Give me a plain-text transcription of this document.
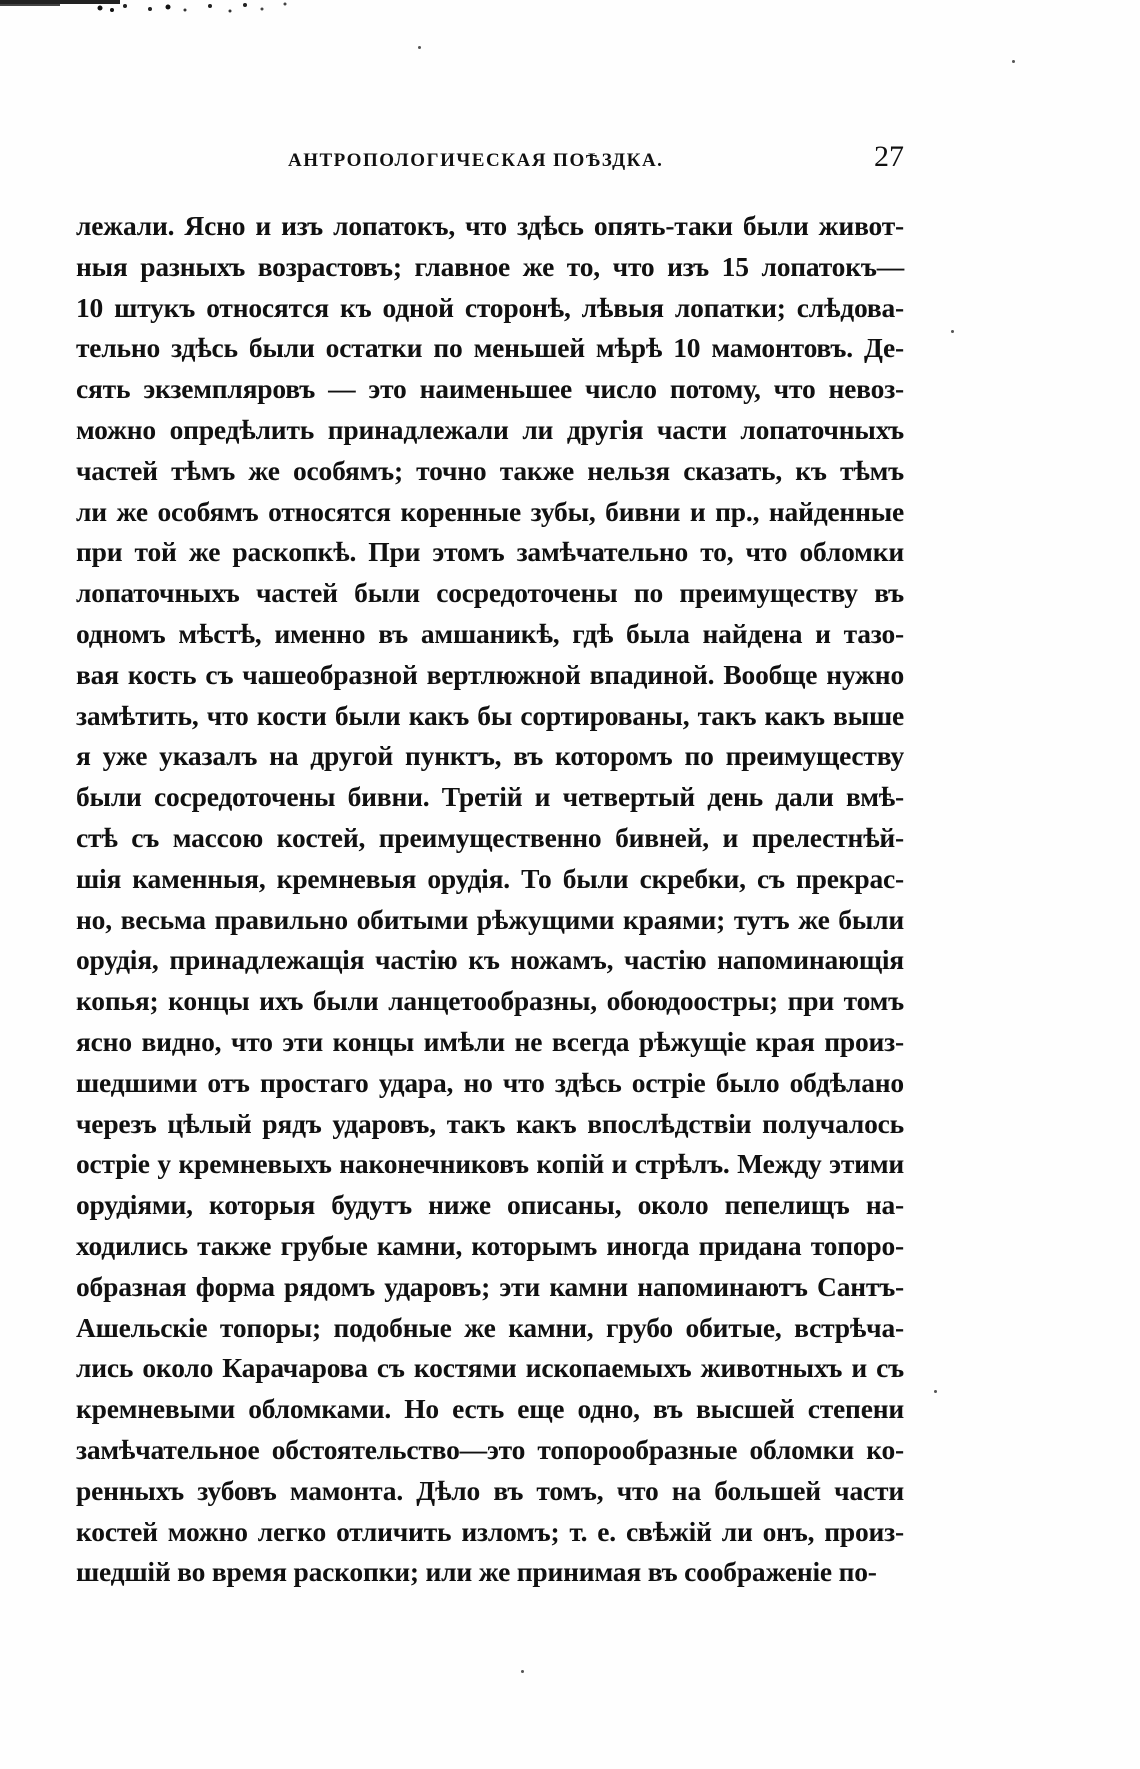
АНТРОПОЛОГИЧЕСКАЯ ПОѢЗДКА.	27
лежали. Ясно и изъ лопатокъ, что здѣсь опять-таки были живот-
ныя разныхъ возрастовъ; главное же то, что изъ 15 лопатокъ—
10 штукъ относятся къ одной сторонѣ, лѣвыя лопатки; слѣдова-
тельно здѣсь были остатки по меньшей мѣрѣ 10 мамонтовъ. Де-
сять экземпляровъ — это наименьшее число потому, что невоз-
можно опредѣлить принадлежали ли другія части лопаточныхъ
частей тѣмъ же особямъ; точно также нельзя сказать, къ тѣмъ
ли же особямъ относятся коренные зубы, бивни и пр., найденные
при той же раскопкѣ. При этомъ замѣчательно то, что обломки
лопаточныхъ частей были сосредоточены по преимуществу въ
одномъ мѣстѣ, именно въ амшаникѣ, гдѣ была найдена и тазо-
вая кость съ чашеобразной вертлюжной впадиной. Вообще нужно
замѣтить, что кости были какъ бы сортированы, такъ какъ выше
я уже указалъ на другой пунктъ, въ которомъ по преимуществу
были сосредоточены бивни. Третій и четвертый день дали вмѣ-
стѣ съ массою костей, преимущественно бивней, и прелестнѣй-
шія каменныя, кремневыя орудія. То были скребки, съ прекрас-
но, весьма правильно обитыми рѣжущими краями; тутъ же были
орудія, принадлежащія частію къ ножамъ, частію напоминающія
копья; концы ихъ были ланцетообразны, обоюдоостры; при томъ
ясно видно, что эти концы имѣли не всегда рѣжущіе края произ-
шедшими отъ простаго удара, но что здѣсь остріе было обдѣлано
черезъ цѣлый рядъ ударовъ, такъ какъ впослѣдствіи получалось
остріе у кремневыхъ наконечниковъ копій и стрѣлъ. Между этими
орудіями, которыя будутъ ниже описаны, около пепелищъ на-
ходились также грубые камни, которымъ иногда придана топоро-
образная форма рядомъ ударовъ; эти камни напоминаютъ Сантъ-
Ашельскіе топоры; подобные же камни, грубо обитые, встрѣча-
лись около Карачарова съ костями ископаемыхъ животныхъ и съ
кремневыми обломками. Но есть еще одно, въ высшей степени
замѣчательное обстоятельство—это топорообразные обломки ко-
ренныхъ зубовъ мамонта. Дѣло въ томъ, что на большей части
костей можно легко отличить изломъ; т. е. свѣжій ли онъ, произ-
шедшій во время раскопки; или же принимая въ соображеніе по-
